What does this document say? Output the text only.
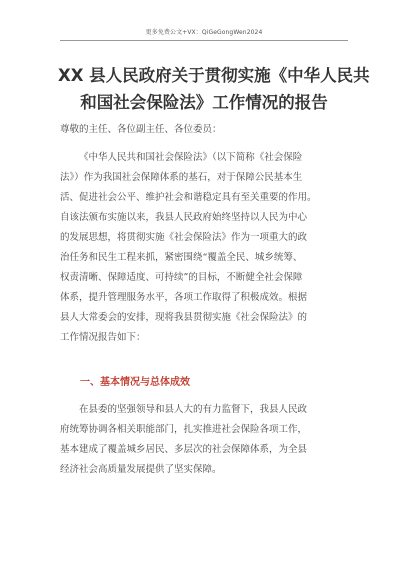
更多免费公文+VX：QiGeGongWen2024
XX 县人民政府关于贯彻实施《中华人民共
和国社会保险法》工作情况的报告
尊敬的主任、各位副主任、各位委员：
《中华人民共和国社会保险法》（以下简称《社会保险
法》）作为我国社会保障体系的基石，对于保障公民基本生
活、促进社会公平、维护社会和谐稳定具有至关重要的作用。
自该法颁布实施以来，我县人民政府始终坚持以人民为中心
的发展思想，将贯彻实施《社会保险法》作为一项重大的政
治任务和民生工程来抓，紧密围绕“覆盖全民、城乡统筹、
权责清晰、保障适度、可持续”的目标，不断健全社会保障
体系，提升管理服务水平，各项工作取得了积极成效。根据
县人大常委会的安排，现将我县贯彻实施《社会保险法》的
工作情况报告如下：
一、基本情况与总体成效
在县委的坚强领导和县人大的有力监督下，我县人民政
府统筹协调各相关职能部门，扎实推进社会保险各项工作，
基本建成了覆盖城乡居民、多层次的社会保障体系，为全县
经济社会高质量发展提供了坚实保障。
